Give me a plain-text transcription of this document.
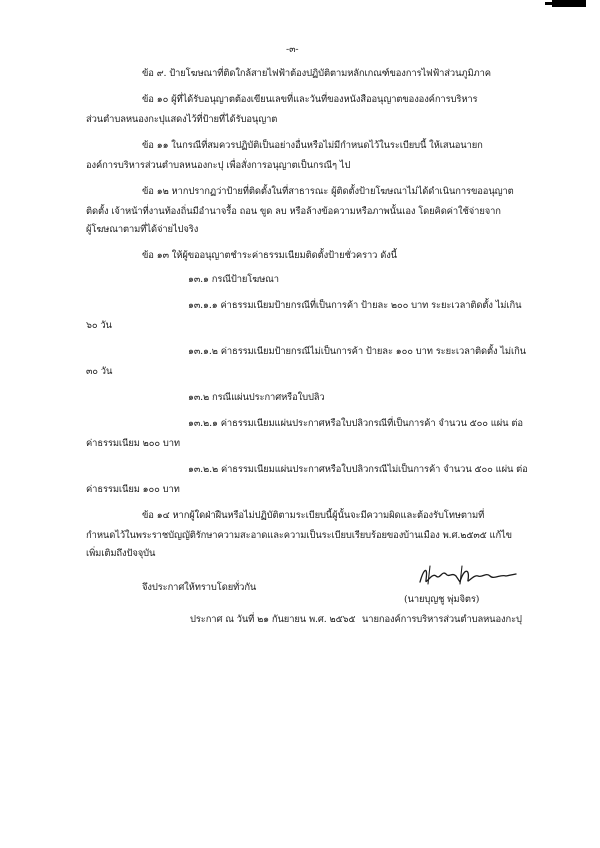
-๓-
ข้อ ๙. ป้ายโฆษณาที่ติดใกล้สายไฟฟ้าต้องปฏิบัติตามหลักเกณฑ์ของการไฟฟ้าส่วนภูมิภาค
ข้อ ๑๐ ผู้ที่ได้รับอนุญาตต้องเขียนเลขที่และวันที่ของหนังสืออนุญาตขององค์การบริหาร
ส่วนตำบลหนองกะปุแสดงไว้ที่ป้ายที่ได้รับอนุญาต
ข้อ ๑๑ ในกรณีที่สมควรปฏิบัติเป็นอย่างอื่นหรือไม่มีกำหนดไว้ในระเบียบนี้ ให้เสนอนายก
องค์การบริหารส่วนตำบลหนองกะปุ เพื่อสั่งการอนุญาตเป็นกรณีๆ ไป
ข้อ ๑๒ หากปรากฏว่าป้ายที่ติดตั้งในที่สาธารณะ ผู้ติดตั้งป้ายโฆษณาไม่ได้ดำเนินการขออนุญาต
ติดตั้ง เจ้าหน้าที่งานท้องถิ่นมีอำนาจรื้อ ถอน ขูด ลบ หรือล้างข้อความหรือภาพนั้นเอง โดยคิดค่าใช้จ่ายจาก
ผู้โฆษณาตามที่ได้จ่ายไปจริง
ข้อ ๑๓ ให้ผู้ขออนุญาตชำระค่าธรรมเนียมติดตั้งป้ายชั่วคราว ดังนี้
๑๓.๑ กรณีป้ายโฆษณา
๑๓.๑.๑ ค่าธรรมเนียมป้ายกรณีที่เป็นการค้า ป้ายละ ๒๐๐ บาท ระยะเวลาติดตั้ง ไม่เกิน
๖๐ วัน
๑๓.๑.๒ ค่าธรรมเนียมป้ายกรณีไม่เป็นการค้า ป้ายละ ๑๐๐ บาท ระยะเวลาติดตั้ง ไม่เกิน
๓๐ วัน
๑๓.๒ กรณีแผ่นประกาศหรือใบปลิว
๑๓.๒.๑ ค่าธรรมเนียมแผ่นประกาศหรือใบปลิวกรณีที่เป็นการค้า จำนวน ๕๐๐ แผ่น ต่อ
ค่าธรรมเนียม ๒๐๐ บาท
๑๓.๒.๒ ค่าธรรมเนียมแผ่นประกาศหรือใบปลิวกรณีไม่เป็นการค้า จำนวน ๕๐๐ แผ่น ต่อ
ค่าธรรมเนียม ๑๐๐ บาท
ข้อ ๑๔ หากผู้ใดฝ่าฝืนหรือไม่ปฏิบัติตามระเบียบนี้ผู้นั้นจะมีความผิดและต้องรับโทษตามที่
กำหนดไว้ในพระราชบัญญัติรักษาความสะอาดและความเป็นระเบียบเรียบร้อยของบ้านเมือง พ.ศ.๒๕๓๕ แก้ไข
เพิ่มเติมถึงปัจจุบัน
จึงประกาศให้ทราบโดยทั่วกัน
ประกาศ ณ วันที่ ๒๑ กันยายน พ.ศ. ๒๕๖๕
(นายบุญชู พุ่มจิตร)
นายกองค์การบริหารส่วนตำบลหนองกะปุ
